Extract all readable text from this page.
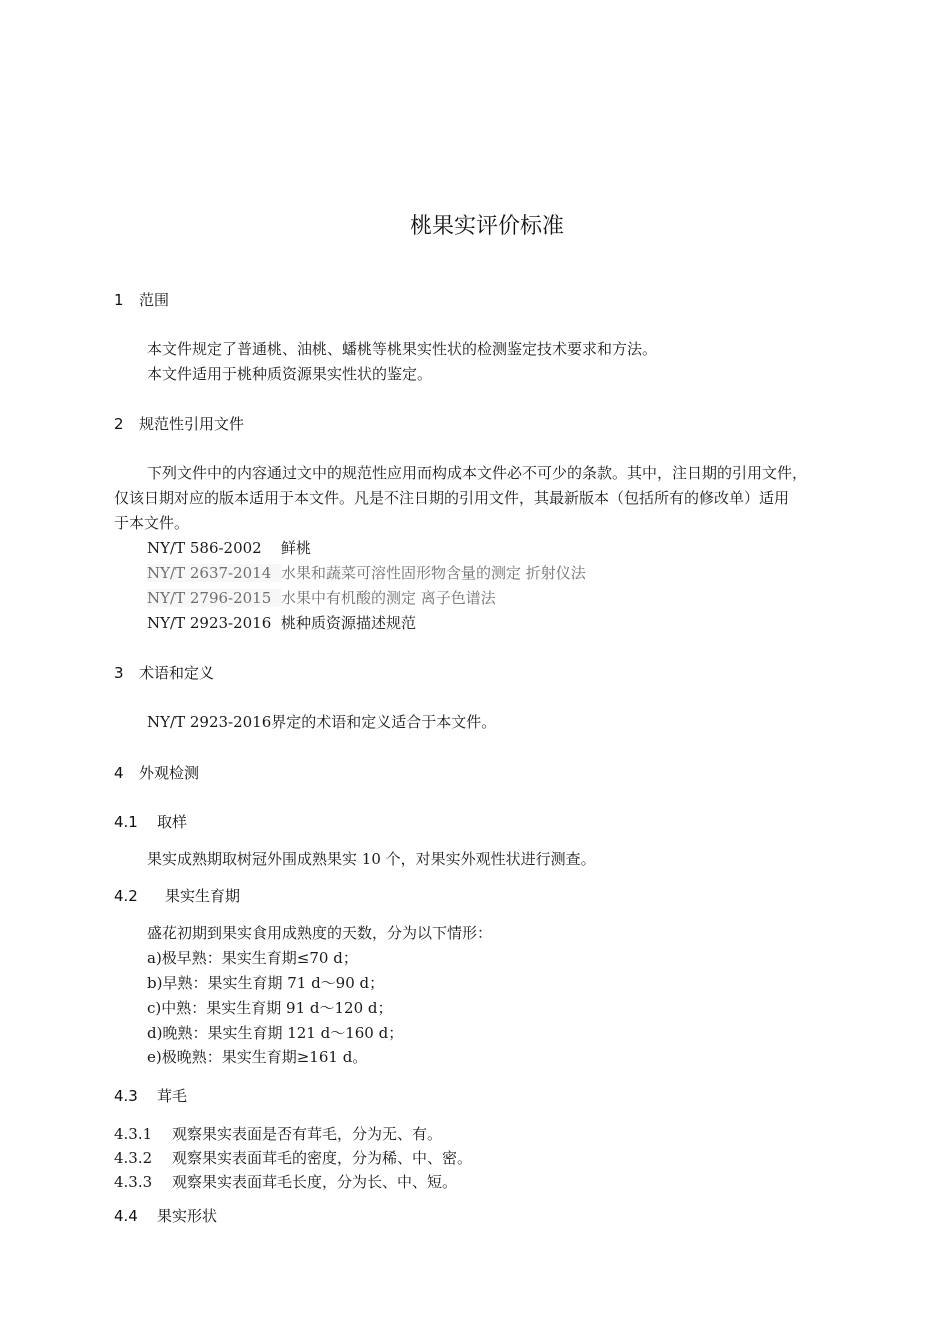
桃果实评价标准
1 范围
本文件规定了普通桃、油桃、蟠桃等桃果实性状的检测鉴定技术要求和方法。
本文件适用于桃种质资源果实性状的鉴定。
2 规范性引用文件
下列文件中的内容通过文中的规范性应用而构成本文件必不可少的条款。其中，注日期的引用文件，
仅该日期对应的版本适用于本文件。凡是不注日期的引用文件，其最新版本（包括所有的修改单）适用
于本文件。
NY/T 586-2002 鲜桃
NY/T 2637-2014 水果和蔬菜可溶性固形物含量的测定 折射仪法
NY/T 2796-2015 水果中有机酸的测定 离子色谱法
NY/T 2923-2016 桃种质资源描述规范
3 术语和定义
NY/T 2923-2016界定的术语和定义适合于本文件。
4 外观检测
4.1 取样
果实成熟期取树冠外围成熟果实 10 个，对果实外观性状进行测查。
4.2 果实生育期
盛花初期到果实食用成熟度的天数，分为以下情形：
a)极早熟：果实生育期≤70 d；
b)早熟：果实生育期 71 d～90 d；
c)中熟：果实生育期 91 d～120 d；
d)晚熟：果实生育期 121 d～160 d；
e)极晚熟：果实生育期≥161 d。
4.3 茸毛
4.3.1 观察果实表面是否有茸毛，分为无、有。
4.3.2 观察果实表面茸毛的密度，分为稀、中、密。
4.3.3 观察果实表面茸毛长度，分为长、中、短。
4.4 果实形状
